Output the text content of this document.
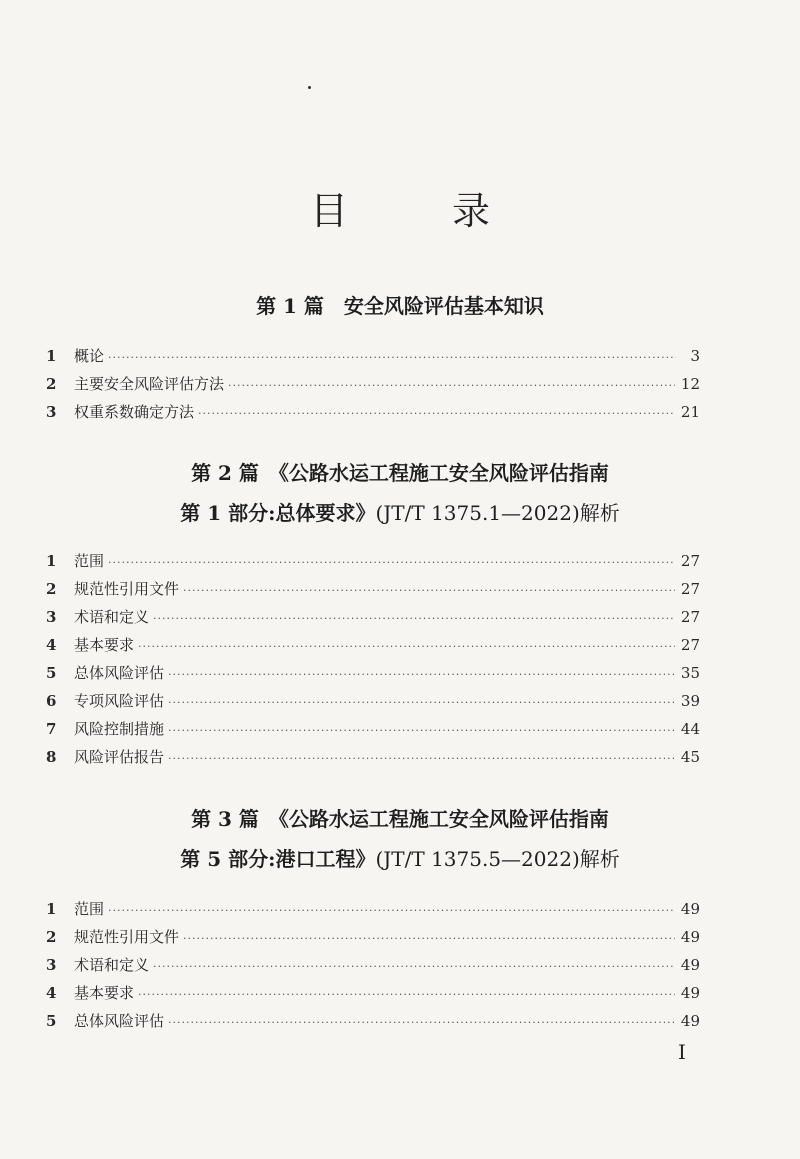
目 录
第 1 篇　安全风险评估基本知识
1	概论 ·····	3
2	主要安全风险评估方法 ·····	12
3	权重系数确定方法 ·····	21
第 2 篇　《公路水运工程施工安全风险评估指南
第 1 部分:总体要求》(JT/T 1375.1—2022)解析
1	范围 ·····	27
2	规范性引用文件 ·····	27
3	术语和定义 ·····	27
4	基本要求 ·····	27
5	总体风险评估 ·····	35
6	专项风险评估 ·····	39
7	风险控制措施 ·····	44
8	风险评估报告 ·····	45
第 3 篇　《公路水运工程施工安全风险评估指南
第 5 部分:港口工程》(JT/T 1375.5—2022)解析
1	范围 ·····	49
2	规范性引用文件 ·····	49
3	术语和定义 ·····	49
4	基本要求 ·····	49
5	总体风险评估 ·····	49
I
